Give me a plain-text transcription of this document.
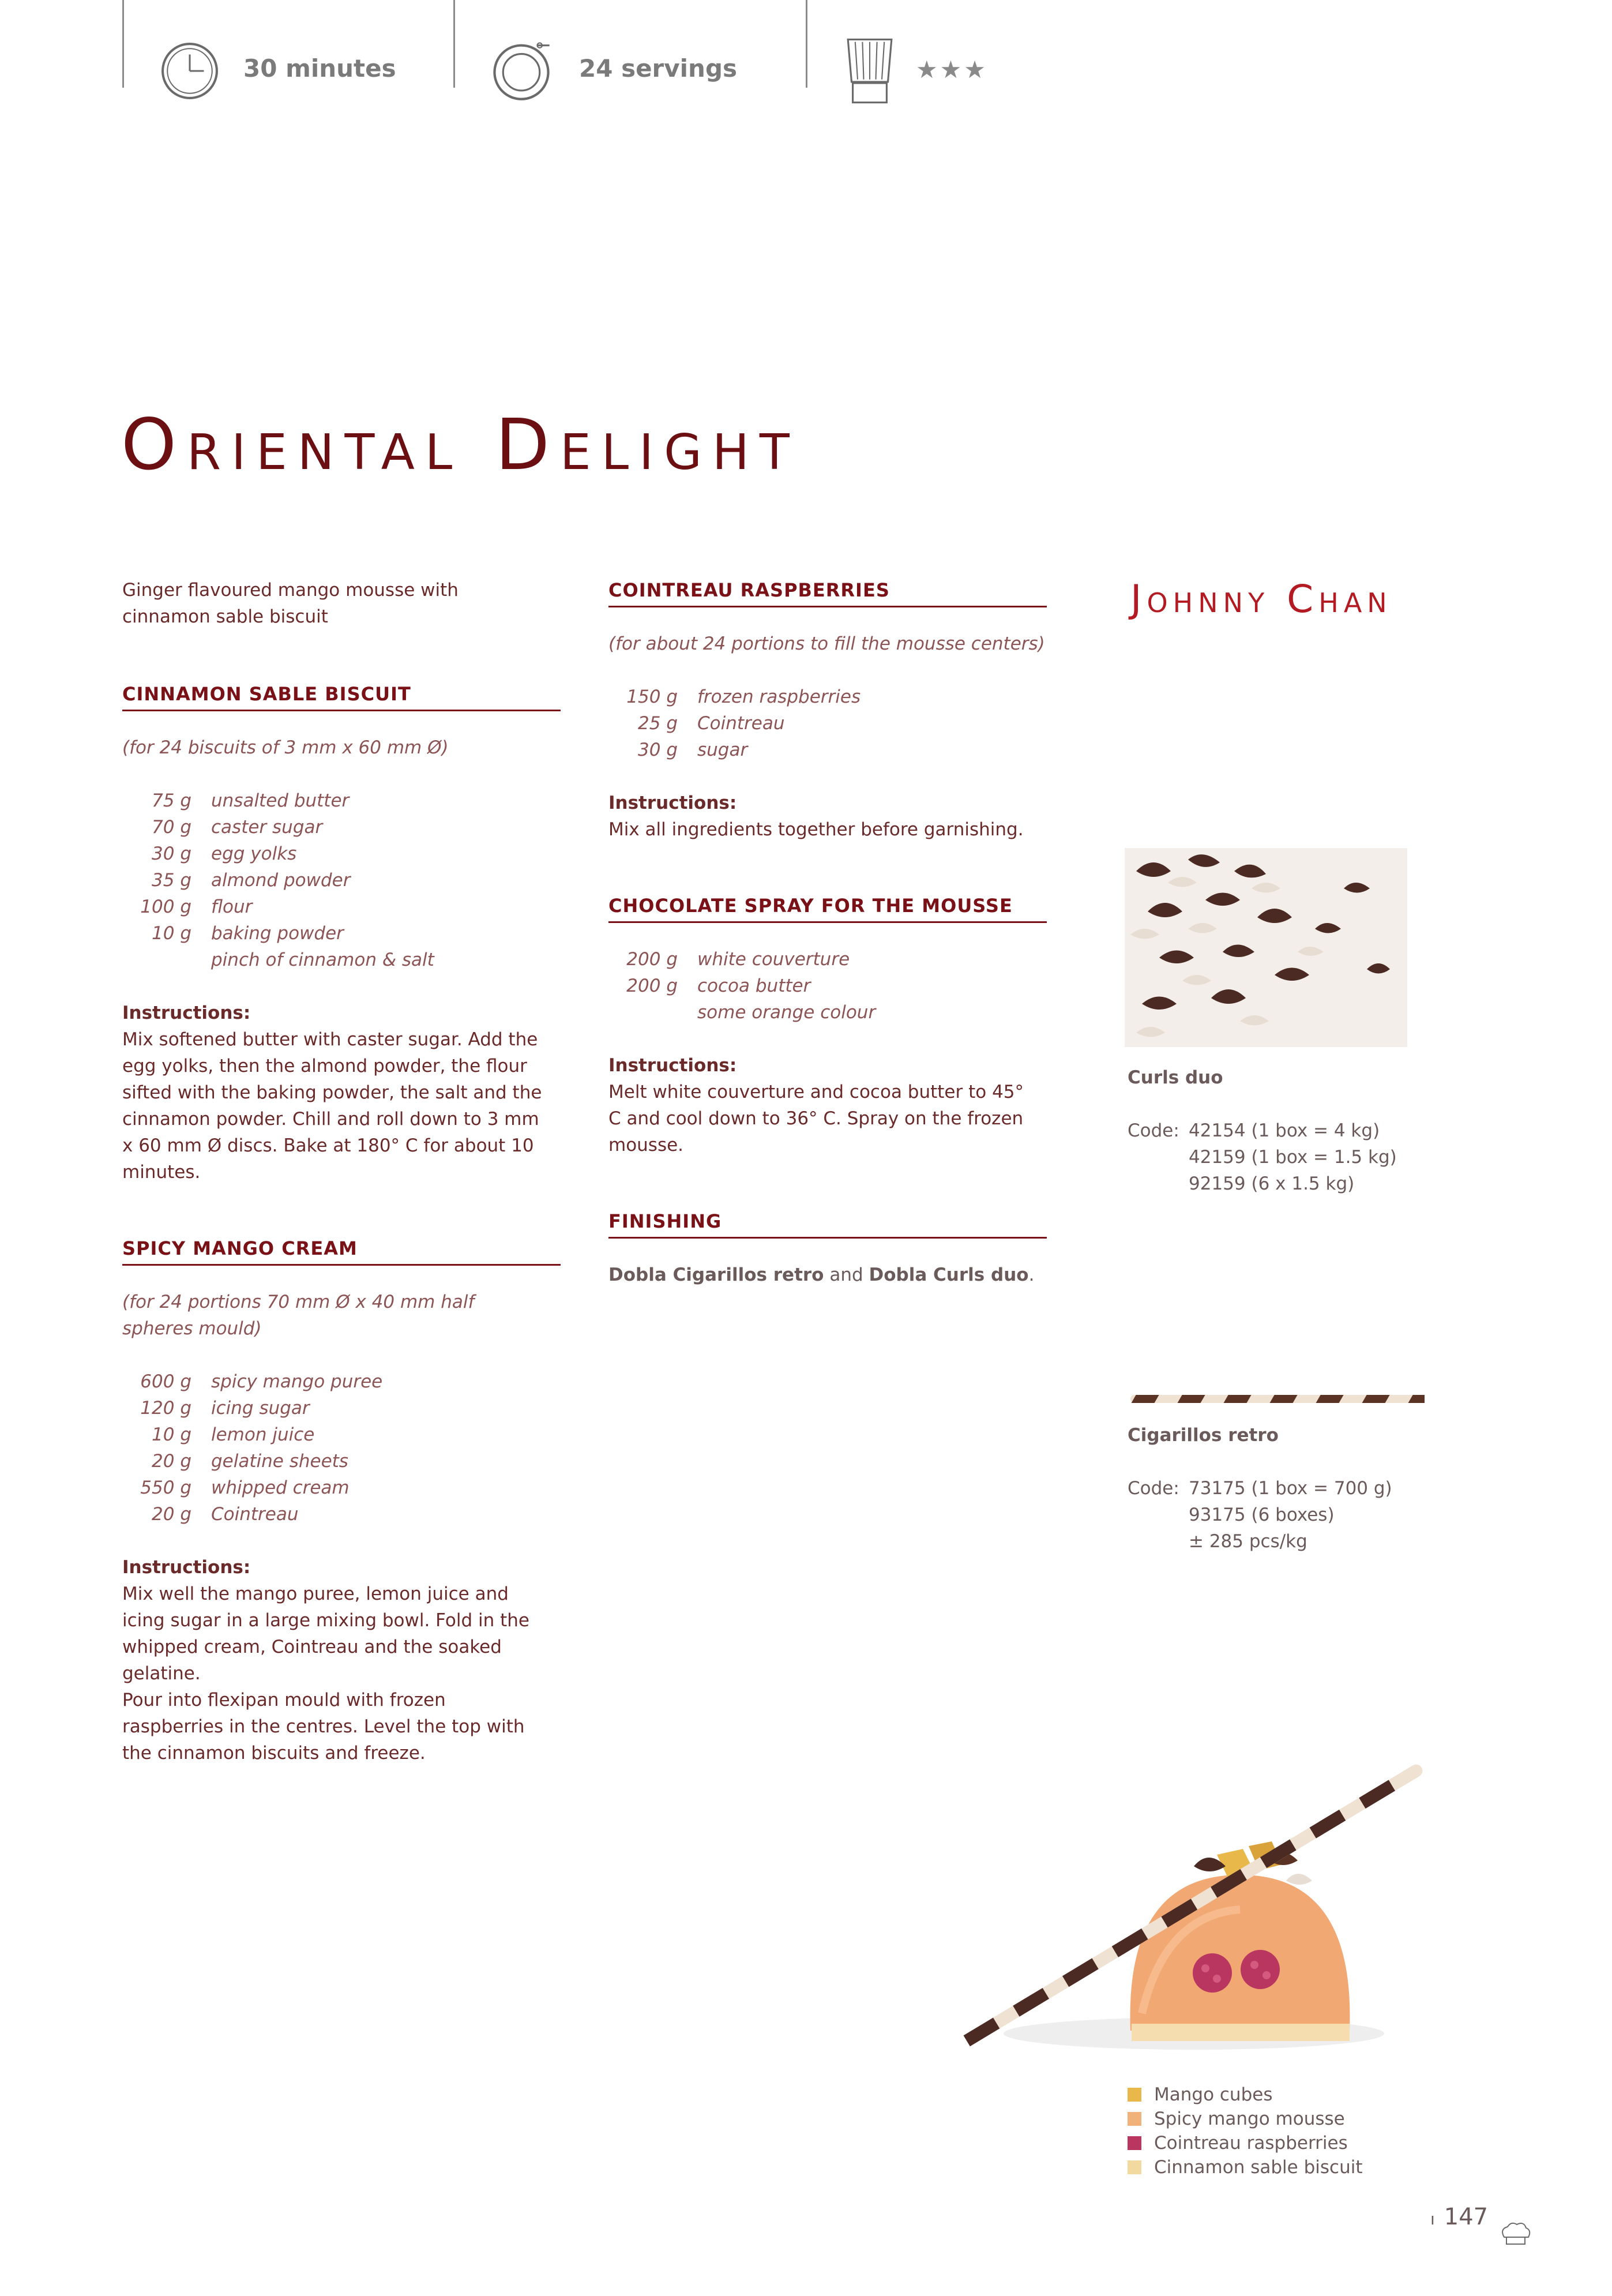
30 minutes	24 servings	★★★
Oriental Delight
Johnny Chan
Ginger flavoured mango mousse with cinnamon sable biscuit
CINNAMON SABLE BISCUIT
(for 24 biscuits of 3 mm x 60 mm Ø)
75 g	unsalted butter
70 g	caster sugar
30 g	egg yolks
35 g	almond powder
100 g	flour
10 g	baking powder
pinch of cinnamon & salt
Instructions:
Mix softened butter with caster sugar. Add the egg yolks, then the almond powder, the flour sifted with the baking powder, the salt and the cinnamon powder. Chill and roll down to 3 mm x 60 mm Ø discs. Bake at 180° C for about 10 minutes.
SPICY MANGO CREAM
(for 24 portions 70 mm Ø x 40 mm half spheres mould)
600 g	spicy mango puree
120 g	icing sugar
10 g	lemon juice
20 g	gelatine sheets
550 g	whipped cream
20 g	Cointreau
Instructions:
Mix well the mango puree, lemon juice and icing sugar in a large mixing bowl. Fold in the whipped cream, Cointreau and the soaked gelatine.
Pour into flexipan mould with frozen raspberries in the centres. Level the top with the cinnamon biscuits and freeze.
COINTREAU RASPBERRIES
(for about 24 portions to fill the mousse centers)
150 g	frozen raspberries
25 g	Cointreau
30 g	sugar
Instructions:
Mix all ingredients together before garnishing.
CHOCOLATE SPRAY FOR THE MOUSSE
200 g	white couverture
200 g	cocoa butter
some orange colour
Instructions:
Melt white couverture and cocoa butter to 45° C and cool down to 36° C. Spray on the frozen mousse.
FINISHING
Dobla Cigarillos retro and Dobla Curls duo.
Curls duo
Code: 42154 (1 box = 4 kg)
42159 (1 box = 1.5 kg)
92159 (6 x 1.5 kg)
Cigarillos retro
Code: 73175 (1 box = 700 g)
93175 (6 boxes)
± 285 pcs/kg
Mango cubes
Spicy mango mousse
Cointreau raspberries
Cinnamon sable biscuit
ı 147
